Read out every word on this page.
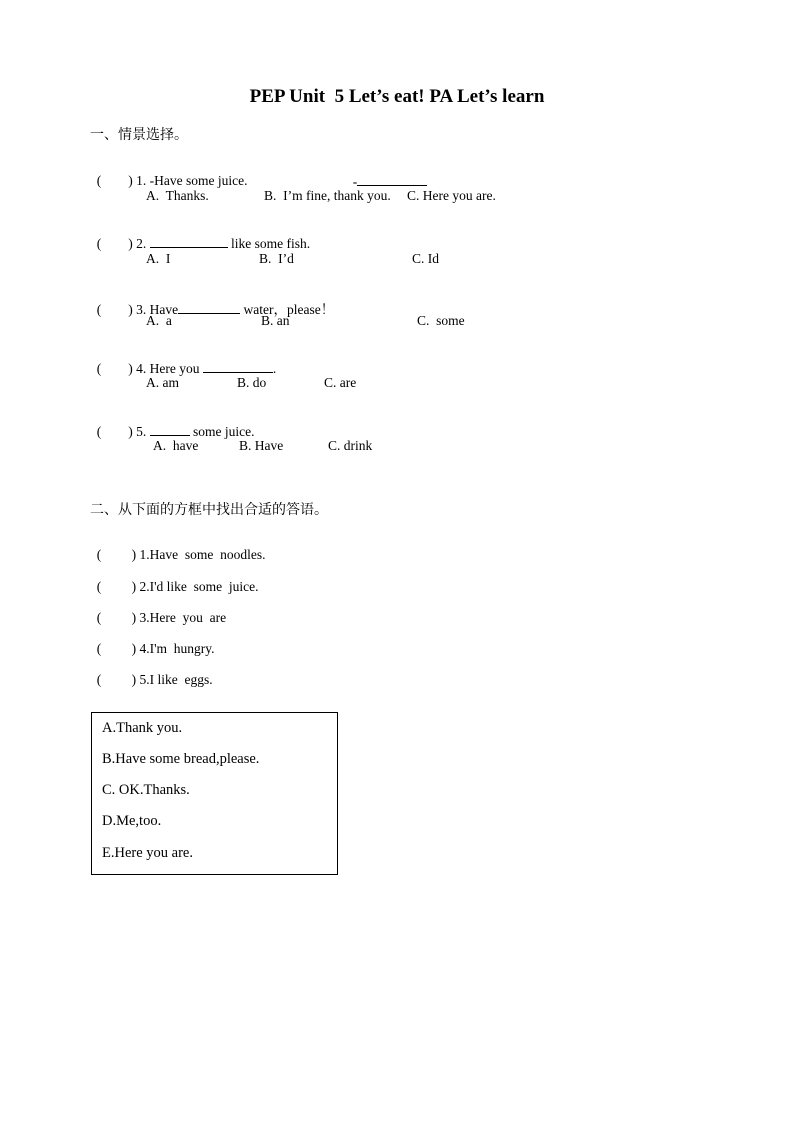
PEP Unit  5 Let’s eat! PA Let’s learn
一、情景选择。

(        ) 1. -Have some juice.	-

A.  Thanks.	B.  I’m fine, thank you. C. Here you are.

(        ) 2.	like some fish.

A.  I	B.  I’d	C. Id

(        ) 3. Have	water，please！

A.  a	B. an	C.  some

(        ) 4. Here you	.

A. am	B. do	C. are

(        ) 5.	some juice.

A.  have	B. Have	C. drink
二、从下面的方框中找出合适的答语。

(         ) 1.Have  some  noodles.

(         ) 2.I'd like  some  juice.

(         ) 3.Here  you  are

(         ) 4.I'm  hungry.

(         ) 5.I like  eggs.

A.Thank you.
B.Have some bread,please.
C. OK.Thanks.
D.Me,too.
E.Here you are.
